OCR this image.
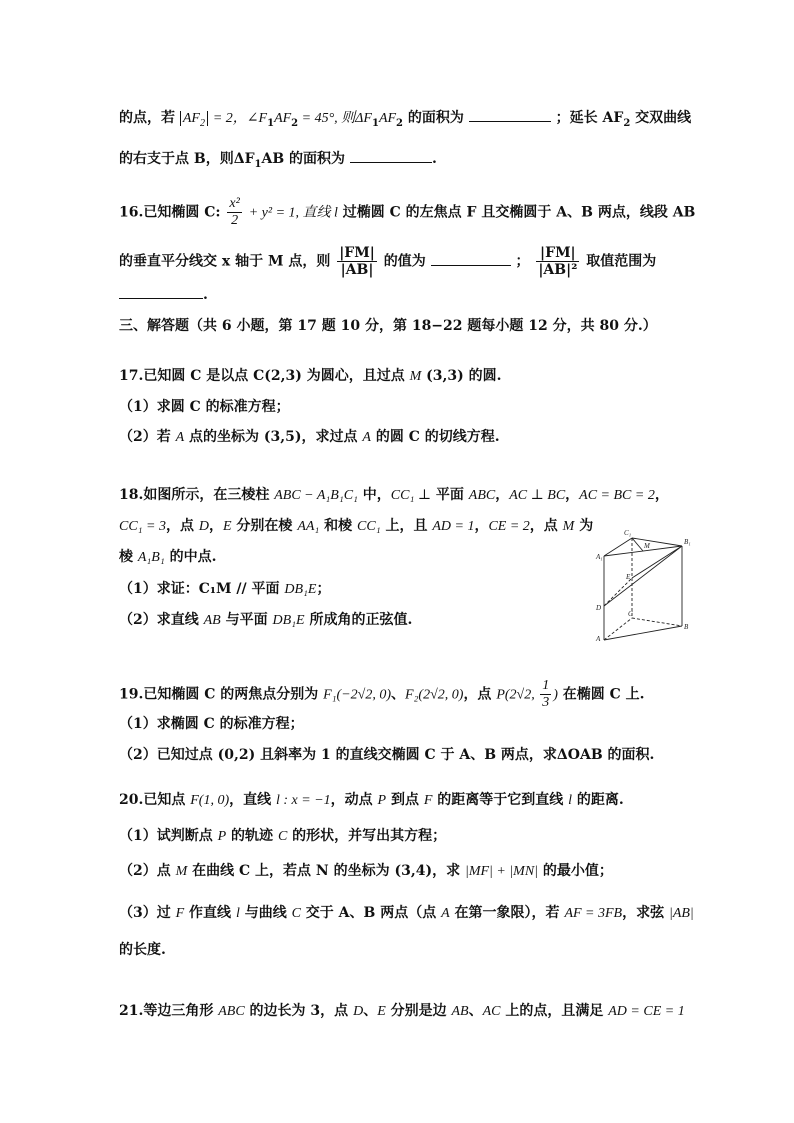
的点，若 $AF_2 = 2$，$\angle F_1AF_2 = 45^\circ$, 则$\Delta F_1AF_2$ 的面积为	；延长 $AF_2$ 交双曲线
的右支于点 B，则$\Delta F_1AB$ 的面积为	.
16.已知椭圆 C: $\frac{\text{x²}}{2} + y^2 = 1$, 直线 l 过椭圆 C 的左焦点 F 且交椭圆于 A、B 两点，线段 AB
的垂直平分线交 x 轴于 M 点，则 $\frac{|FM|}{|AB|}$ 的值为	； $\frac{|FM|}{\text{|AB|²}}$ 取值范围为
.
三、解答题（共 6 小题，第 17 题 10 分，第 18−22 题每小题 12 分，共 80 分.）
17.已知圆 C 是以点 C(2,3) 为圆心，且过点 M (3,3) 的圆.
（1）求圆 C 的标准方程；
（2）若 A 点的坐标为 (3,5)，求过点 A 的圆 C 的切线方程.
18.如图所示，在三棱柱 ABC − A₁B₁C₁ 中，CC₁ ⊥ 平面 ABC，AC ⊥ BC，AC = BC = 2，
CC₁ = 3，点 D，E 分别在棱 AA₁ 和棱 CC₁ 上，且 AD = 1，CE = 2，点 M 为
棱 A₁B₁ 的中点.
（1）求证：C₁M // 平面 DB₁E；
（2）求直线 AB 与平面 DB₁E 所成角的正弦值.
C₁
A₁
M	B₁
E
D
C
A
B
19.已知椭圆 C 的两焦点分别为 F₁(−2√2, 0)、F₂(2√2, 0)，点 P(2√2, $\frac{1}{3}$ ) 在椭圆 C 上.
（1）求椭圆 C 的标准方程；
（2）已知过点 (0,2) 且斜率为 1 的直线交椭圆 C 于 A、B 两点，求ΔOAB 的面积.
20.已知点 F(1, 0)，直线 l : x = −1，动点 P 到点 F 的距离等于它到直线 l 的距离.
（1）试判断点 P 的轨迹 C 的形状，并写出其方程；
（2）点 M 在曲线 C 上，若点 N 的坐标为 (3,4)，求 |MF| + |MN| 的最小值；
（3）过 F 作直线 l 与曲线 C 交于 A、B 两点（点 A 在第一象限），若 AF = 3FB，求弦 |AB|
的长度.
21.等边三角形 ABC 的边长为 3，点 D、E 分别是边 AB、AC 上的点，且满足 AD = CE = 1
